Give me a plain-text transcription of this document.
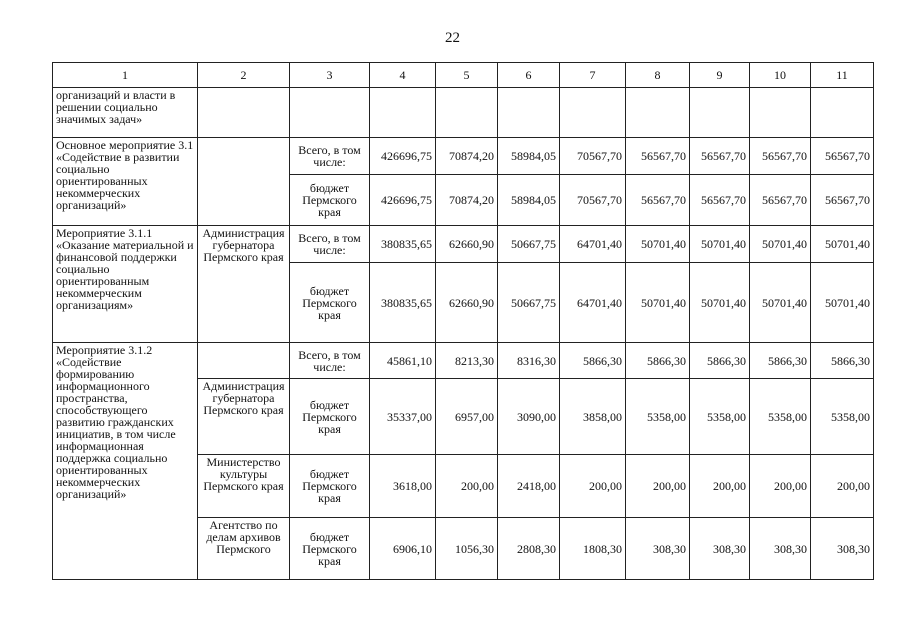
22
1	2	3	4	5	6	7	8	9	10	11
организаций и власти в решении социально значимых задач»										
Основное мероприятие 3.1 «Содействие в развитии социально ориентированных некоммерческих организаций»		Всего, в том числе:	426696,75	70874,20	58984,05	70567,70	56567,70	56567,70	56567,70	56567,70
		бюджет Пермского края	426696,75	70874,20	58984,05	70567,70	56567,70	56567,70	56567,70	56567,70
Мероприятие 3.1.1 «Оказание материальной и финансовой поддержки социально ориентированным некоммерческим организациям»	Администрация губернатора Пермского края	Всего, в том числе:	380835,65	62660,90	50667,75	64701,40	50701,40	50701,40	50701,40	50701,40
		бюджет Пермского края	380835,65	62660,90	50667,75	64701,40	50701,40	50701,40	50701,40	50701,40
Мероприятие 3.1.2 «Содействие формированию информационного пространства, способствующего развитию гражданских инициатив, в том числе информационная поддержка социально ориентированных некоммерческих организаций»		Всего, в том числе:	45861,10	8213,30	8316,30	5866,30	5866,30	5866,30	5866,30	5866,30
	Администрация губернатора Пермского края	бюджет Пермского края	35337,00	6957,00	3090,00	3858,00	5358,00	5358,00	5358,00	5358,00
	Министерство культуры Пермского края	бюджет Пермского края	3618,00	200,00	2418,00	200,00	200,00	200,00	200,00	200,00
	Агентство по делам архивов Пермского	бюджет Пермского края	6906,10	1056,30	2808,30	1808,30	308,30	308,30	308,30	308,30
